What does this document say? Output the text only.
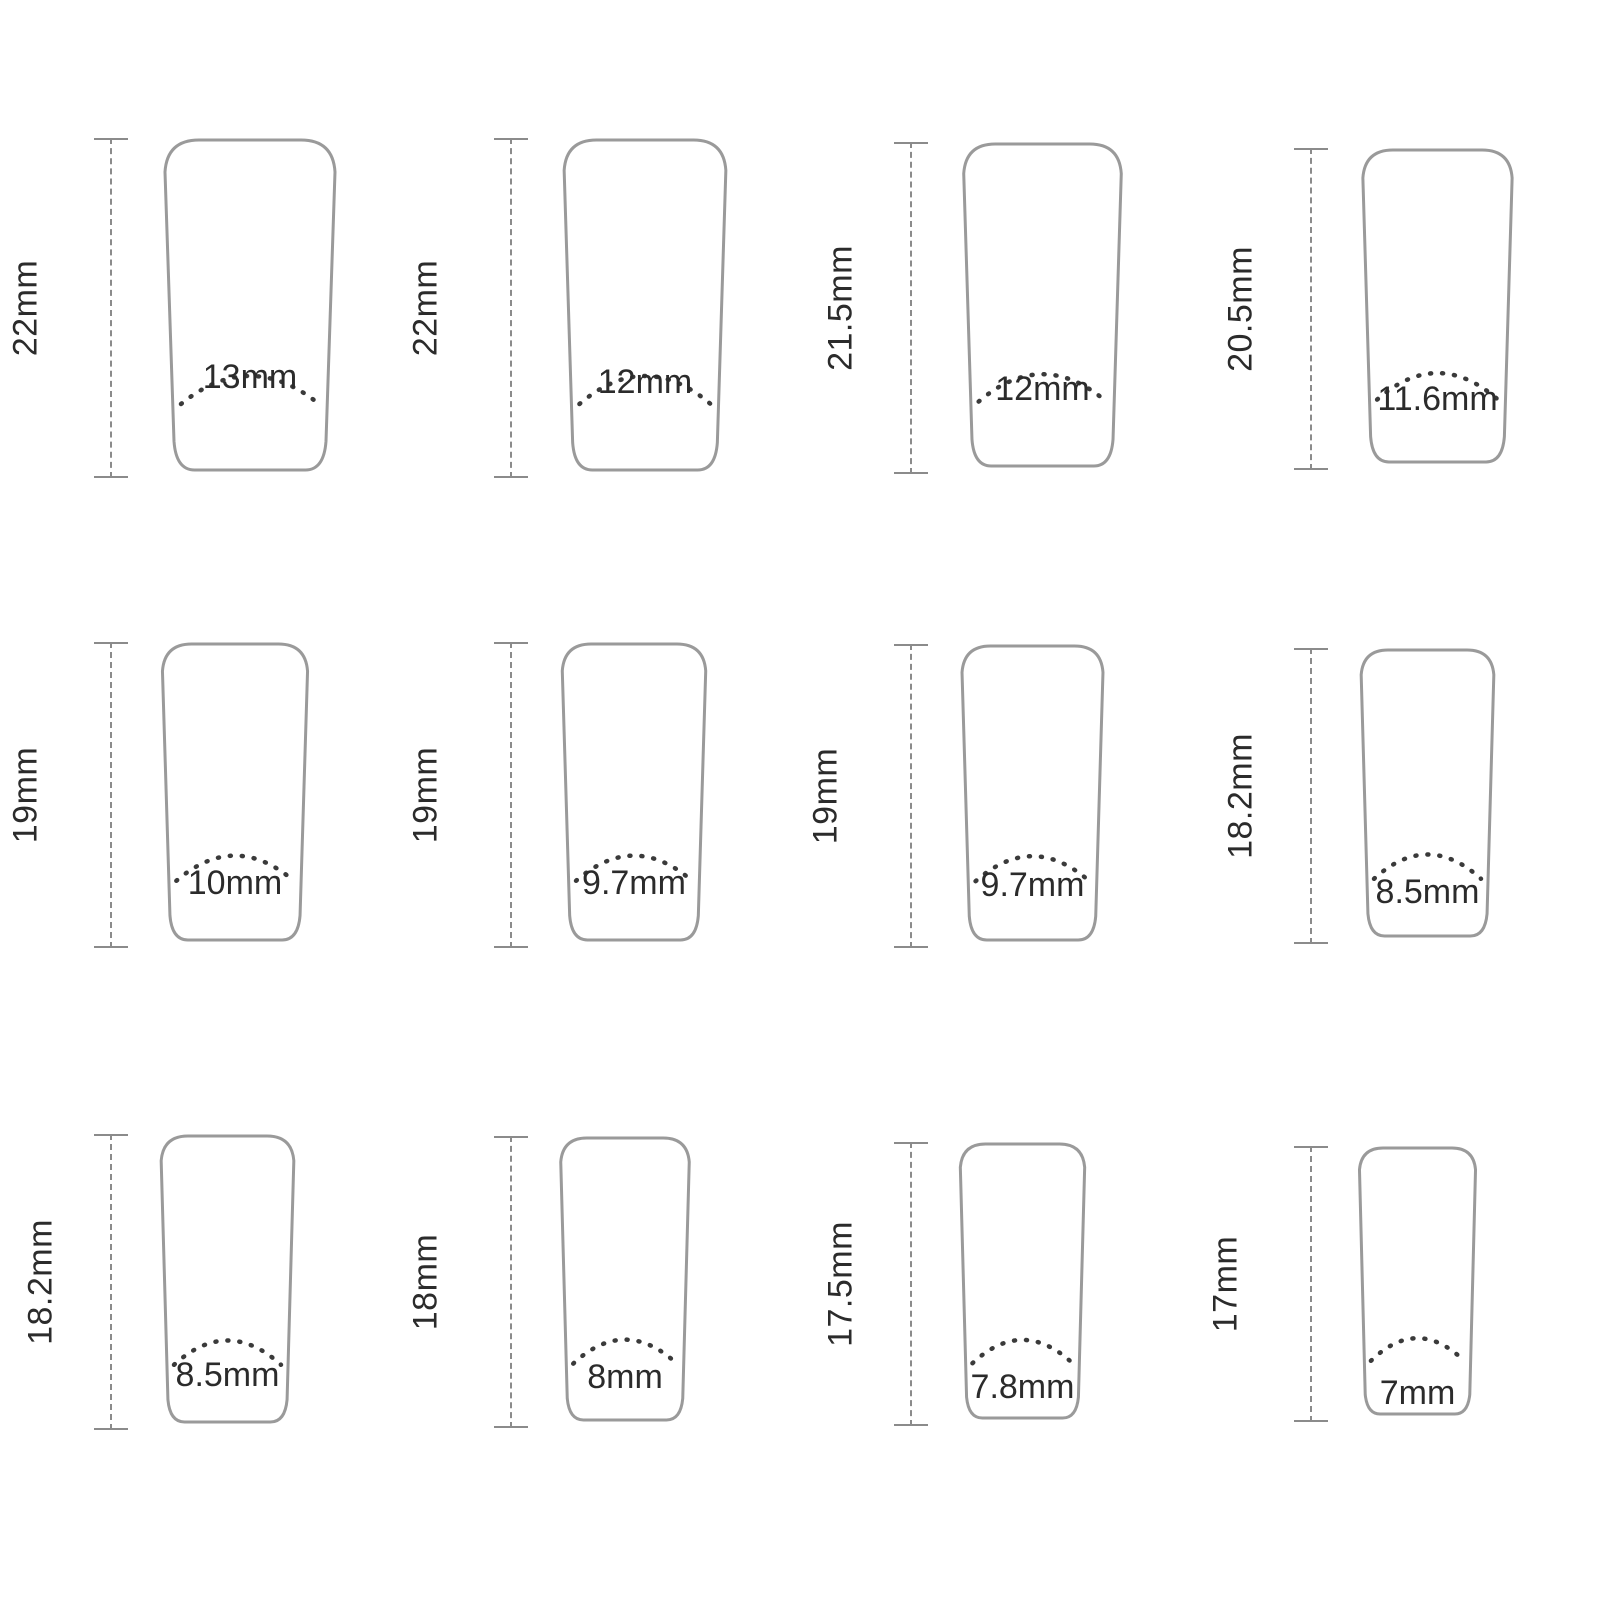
22mm
13mm
22mm
12mm
21.5mm
12mm
20.5mm
11.6mm
19mm
10mm
19mm
9.7mm
19mm
9.7mm
18.2mm
8.5mm
18.2mm
8.5mm
18mm
8mm
17.5mm
7.8mm
17mm
7mm
